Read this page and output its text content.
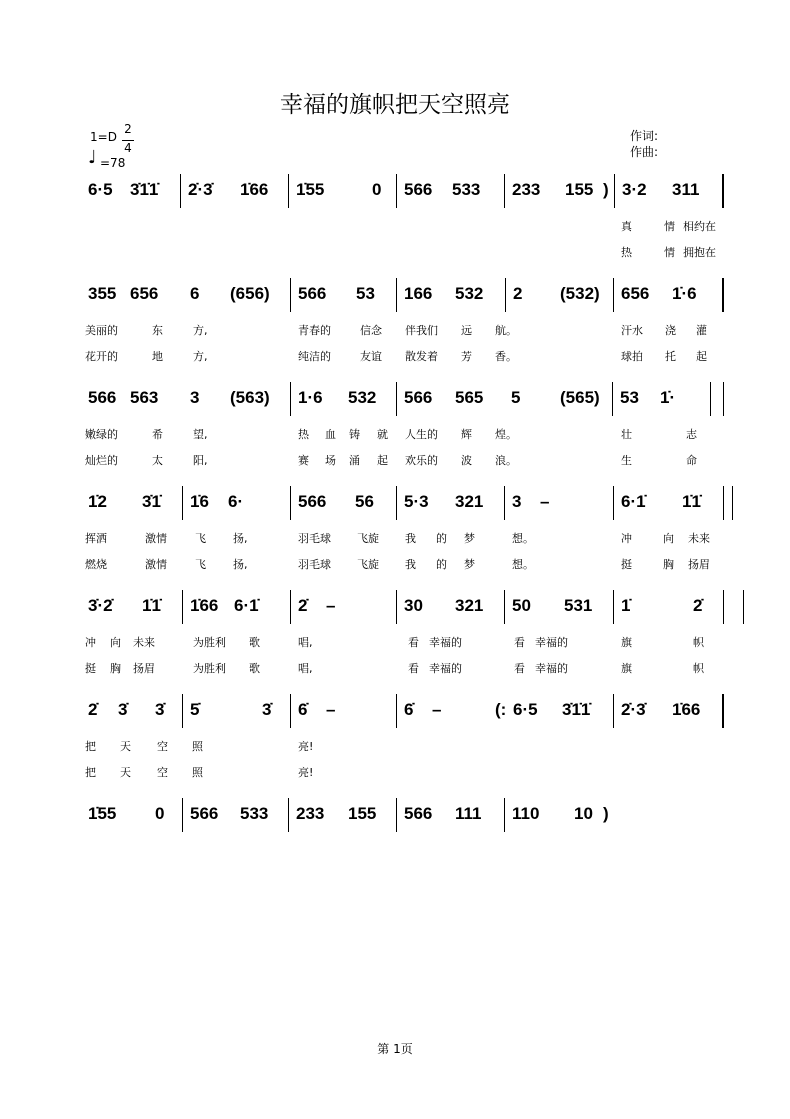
幸福的旗帜把天空照亮
1=D
2
4
♩ =78
作词:
作曲:
6·5 3̇1̇1̇ 2̇·3̇ 1̇66 1̇55	0 566 533 233 155 ) 3·2 311
真	情 相约在
热	情 拥抱在
355 656 6 (656) 566 53 166 532 2 (532) 656 1̇·6
美丽的	东	方,	青春的	信念 伴我们 远 航。	汗水 浇 灌
花开的	地	方,	纯洁的	友谊 散发着 芳 香。	球拍 托 起
566 563 3 (563) 1·6 532 566 565 5 (565) 53 1̇·
嫩绿的	希	望,	热 血 铸 就 人生的 辉 煌。	壮	志
灿烂的	太	阳,	赛 场 涌 起 欢乐的 波 浪。	生	命
1̇2 3̇1̇ 1̇6 6·	566 56 5·3 321 3 –	6·1̇ 1̇1̇
挥洒	激情	飞 扬,	羽毛球 飞旋 我 的 梦	想。	冲	向 未来
燃烧	激情	飞 扬,	羽毛球 飞旋 我 的 梦	想。	挺	胸 扬眉
3̇·2̇ 1̇1̇ 1̇66 6·1̇ 2̇ –	30 321 50 531 1̇	2̇
冲 向 未来	为胜利 歌	唱,	看 幸福的	看 幸福的	旗	帜
挺 胸 扬眉	为胜利 歌	唱,	看 幸福的	看 幸福的	旗	帜
2̇ 3̇ 3̇ 5̇	3̇ 6̇ –	6̇ –	(: 6·5 3̇1̇1̇ 2̇·3̇ 1̇66
把 天 空 照	亮!
把 天 空 照	亮!
1̇55 0 566 533 233 155 566 111 110 10 )
第 1页
